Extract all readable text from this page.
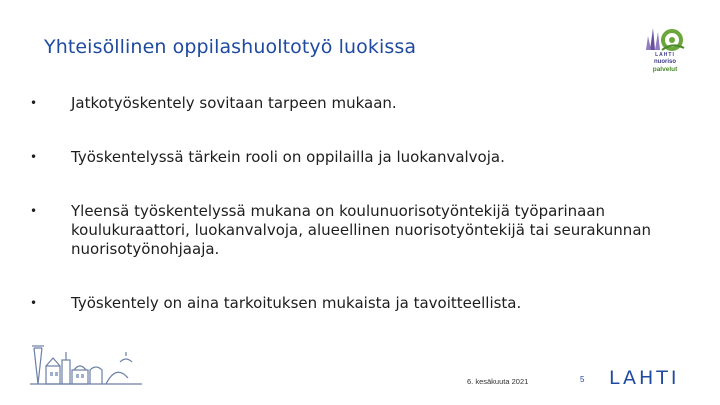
Yhteisöllinen oppilashuoltotyö luokissa	LAHTI
nuoriso
palvelut
• Jatkotyöskentely sovitaan tarpeen mukaan.
• Työskentelyssä tärkein rooli on oppilailla ja luokanvalvoja.
• Yleensä työskentelyssä mukana on koulunuorisotyöntekijä työparinaan koulukuraattori, luokanvalvoja, alueellinen nuorisotyöntekijä tai seurakunnan nuorisotyönohjaaja.
• Työskentely on aina tarkoituksen mukaista ja tavoitteellista.
6. kesäkuuta 2021	5 LAHTI
